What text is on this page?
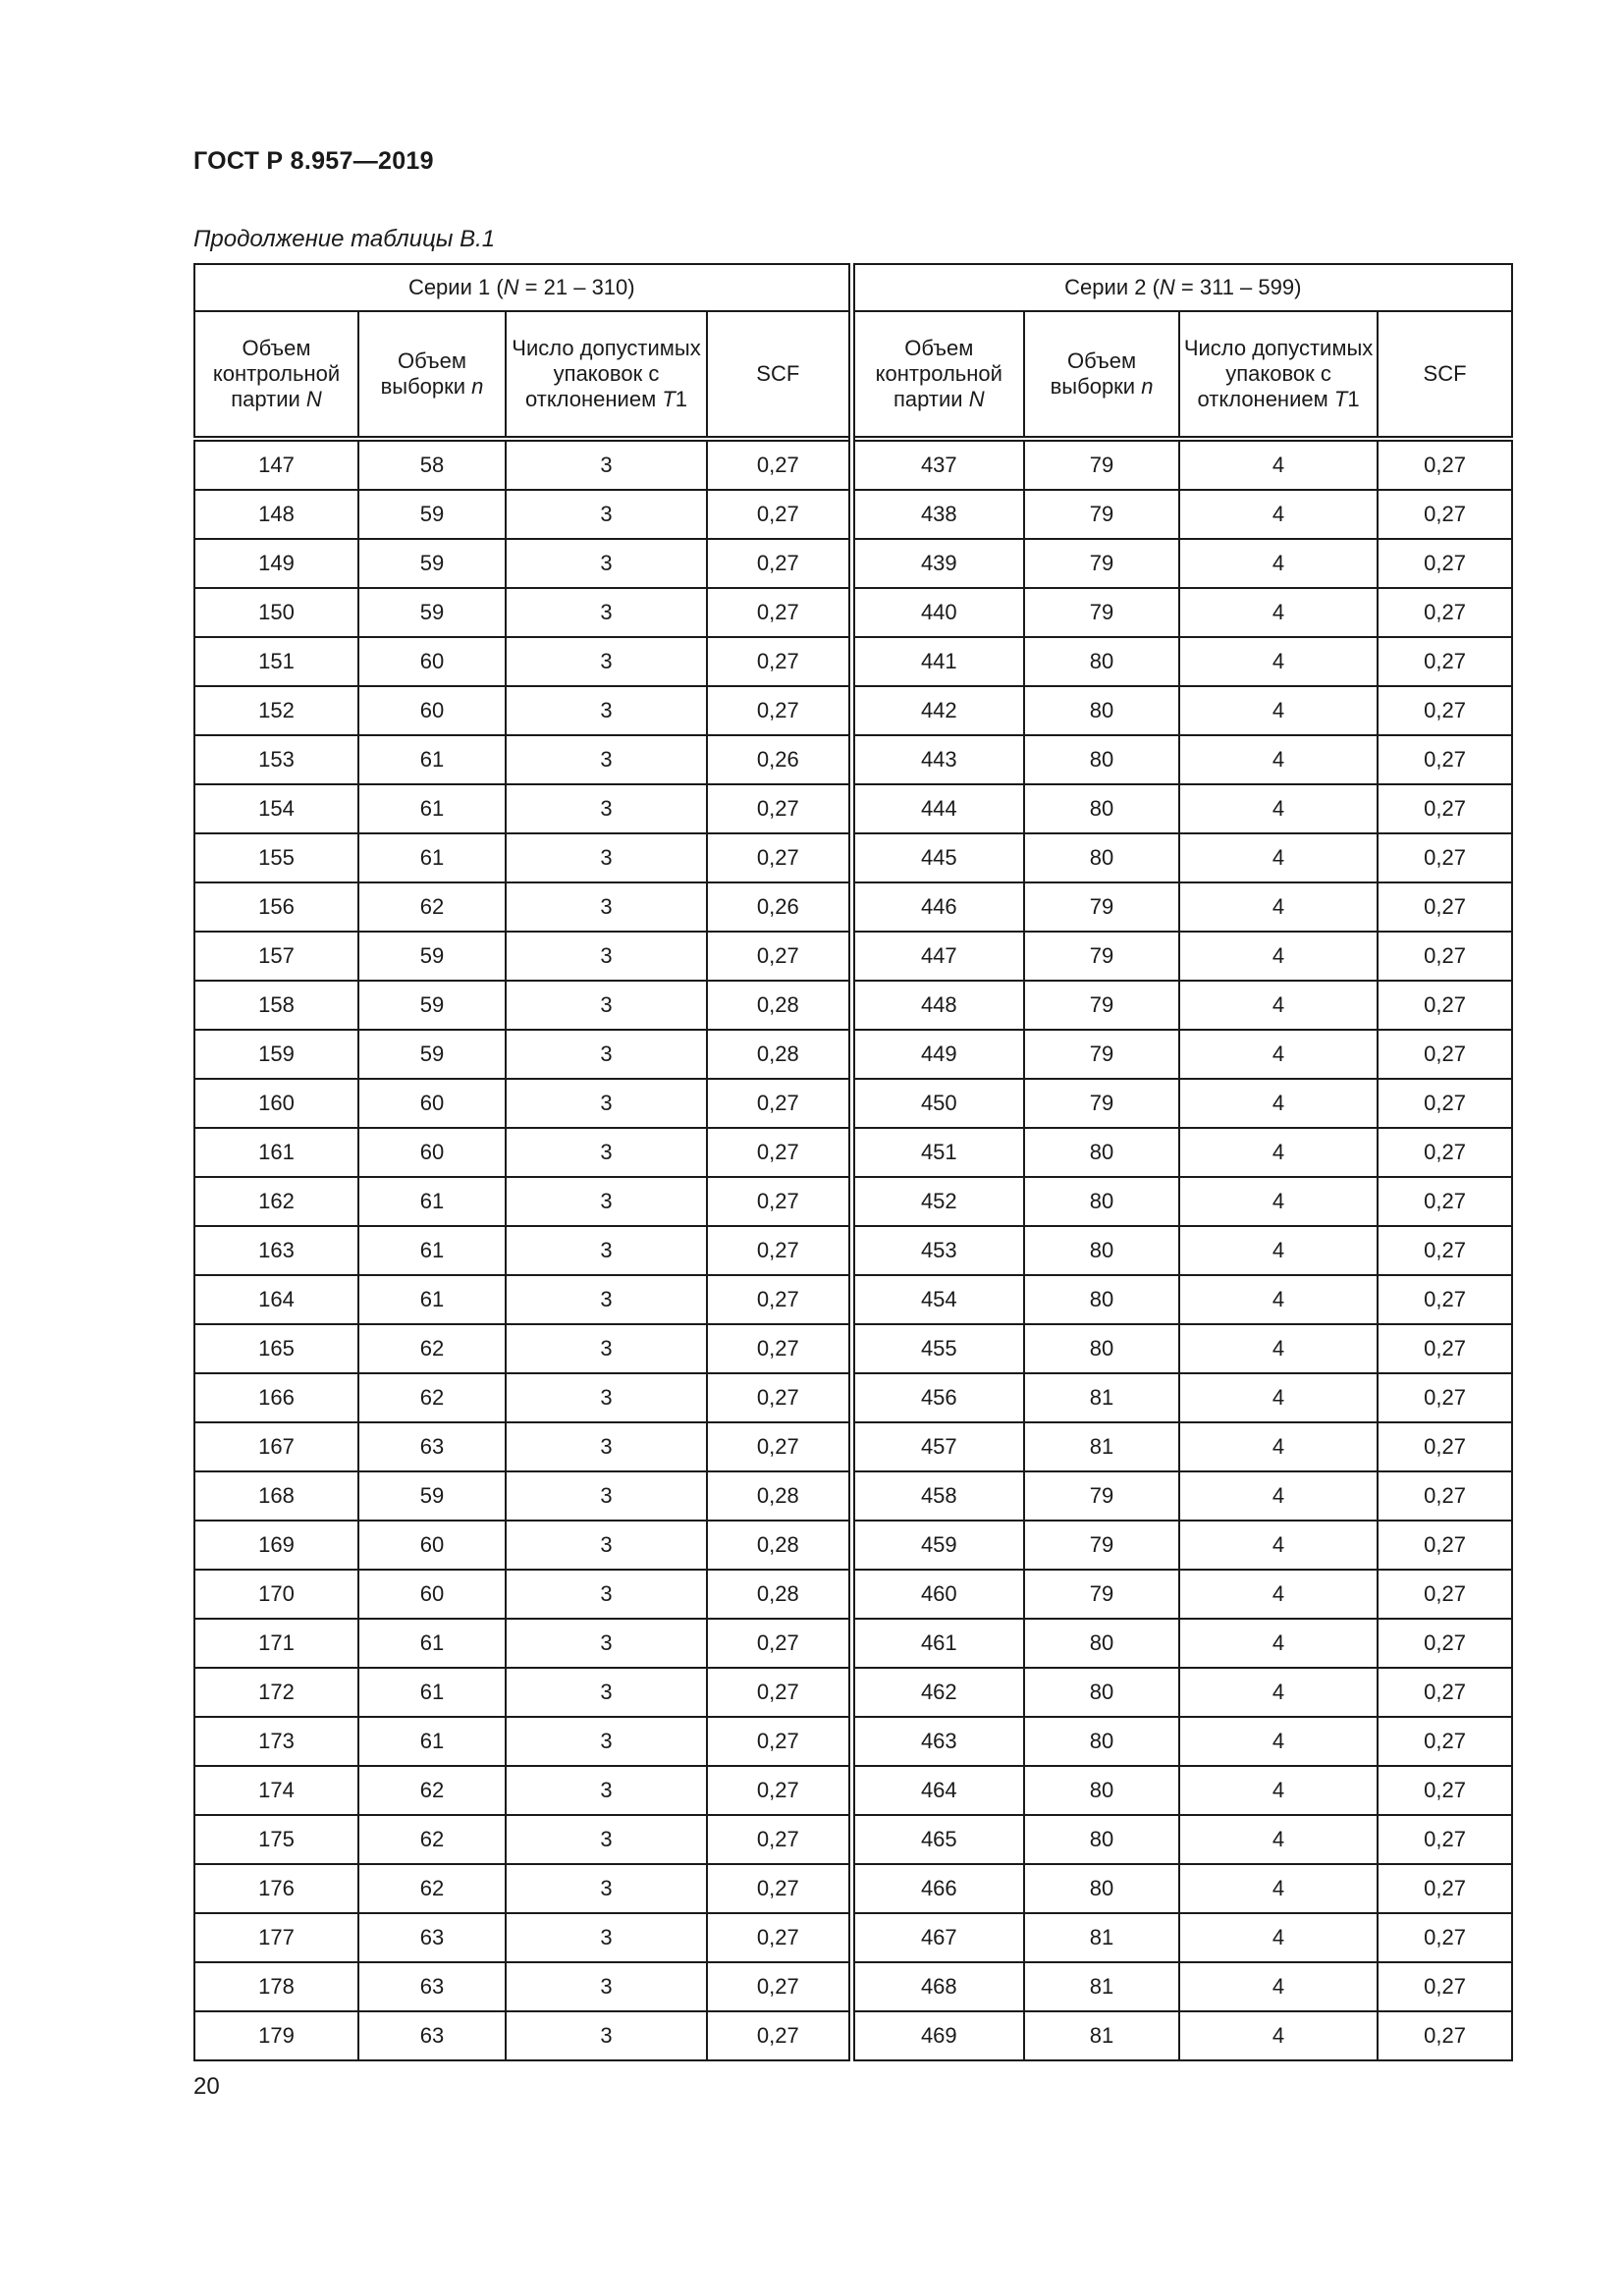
ГОСТ Р 8.957—2019
Продолжение таблицы В.1
Серии 1 (N = 21 – 310)				Серии 2 (N = 311 – 599)			
Объем контрольной партии N	Объем выборки n	Число допустимых упаковок с отклонением T1	SCF	Объем контрольной партии N	Объем выборки n	Число допустимых упаковок с отклонением T1	SCF
147	58	3	0,27	437	79	4	0,27
148	59	3	0,27	438	79	4	0,27
149	59	3	0,27	439	79	4	0,27
150	59	3	0,27	440	79	4	0,27
151	60	3	0,27	441	80	4	0,27
152	60	3	0,27	442	80	4	0,27
153	61	3	0,26	443	80	4	0,27
154	61	3	0,27	444	80	4	0,27
155	61	3	0,27	445	80	4	0,27
156	62	3	0,26	446	79	4	0,27
157	59	3	0,27	447	79	4	0,27
158	59	3	0,28	448	79	4	0,27
159	59	3	0,28	449	79	4	0,27
160	60	3	0,27	450	79	4	0,27
161	60	3	0,27	451	80	4	0,27
162	61	3	0,27	452	80	4	0,27
163	61	3	0,27	453	80	4	0,27
164	61	3	0,27	454	80	4	0,27
165	62	3	0,27	455	80	4	0,27
166	62	3	0,27	456	81	4	0,27
167	63	3	0,27	457	81	4	0,27
168	59	3	0,28	458	79	4	0,27
169	60	3	0,28	459	79	4	0,27
170	60	3	0,28	460	79	4	0,27
171	61	3	0,27	461	80	4	0,27
172	61	3	0,27	462	80	4	0,27
173	61	3	0,27	463	80	4	0,27
174	62	3	0,27	464	80	4	0,27
175	62	3	0,27	465	80	4	0,27
176	62	3	0,27	466	80	4	0,27
177	63	3	0,27	467	81	4	0,27
178	63	3	0,27	468	81	4	0,27
179	63	3	0,27	469	81	4	0,27
20
